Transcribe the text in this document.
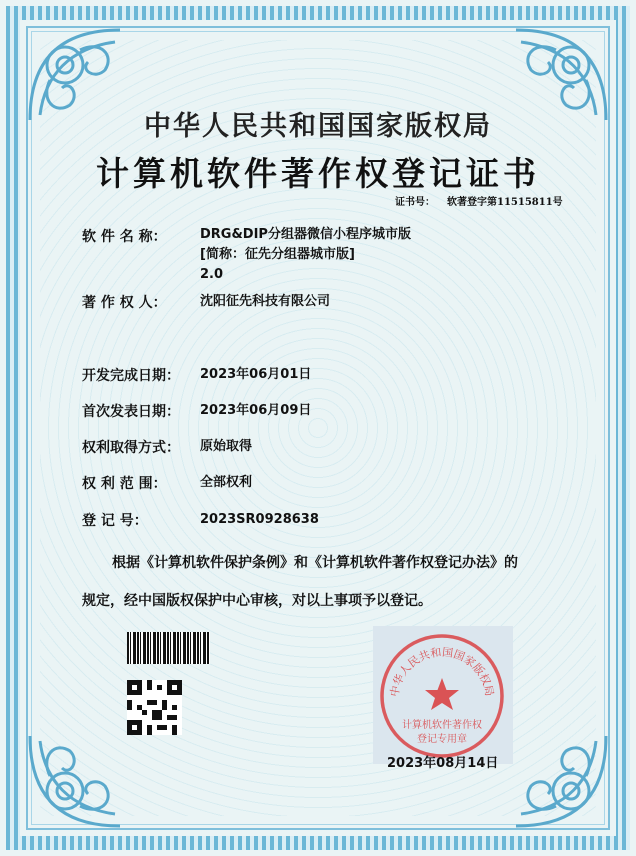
中华人民共和国国家版权局
计算机软件著作权登记证书
证书号： 软著登字第11515811号
软 件 名 称：	DRG&DIP分组器微信小程序城市版
[简称：征先分组器城市版]
2.0
著 作 权 人：	沈阳征先科技有限公司
开发完成日期： 2023年06月01日
首次发表日期： 2023年06月09日
权利取得方式： 原始取得
权 利 范 围：	全部权利
登 记 号：	2023SR0928638
根据《计算机软件保护条例》和《计算机软件著作权登记办法》的
规定，经中国版权保护中心审核，对以上事项予以登记。
中华人民共和国国家版权局
计算机软件著作权
登记专用章
2023年08月14日
